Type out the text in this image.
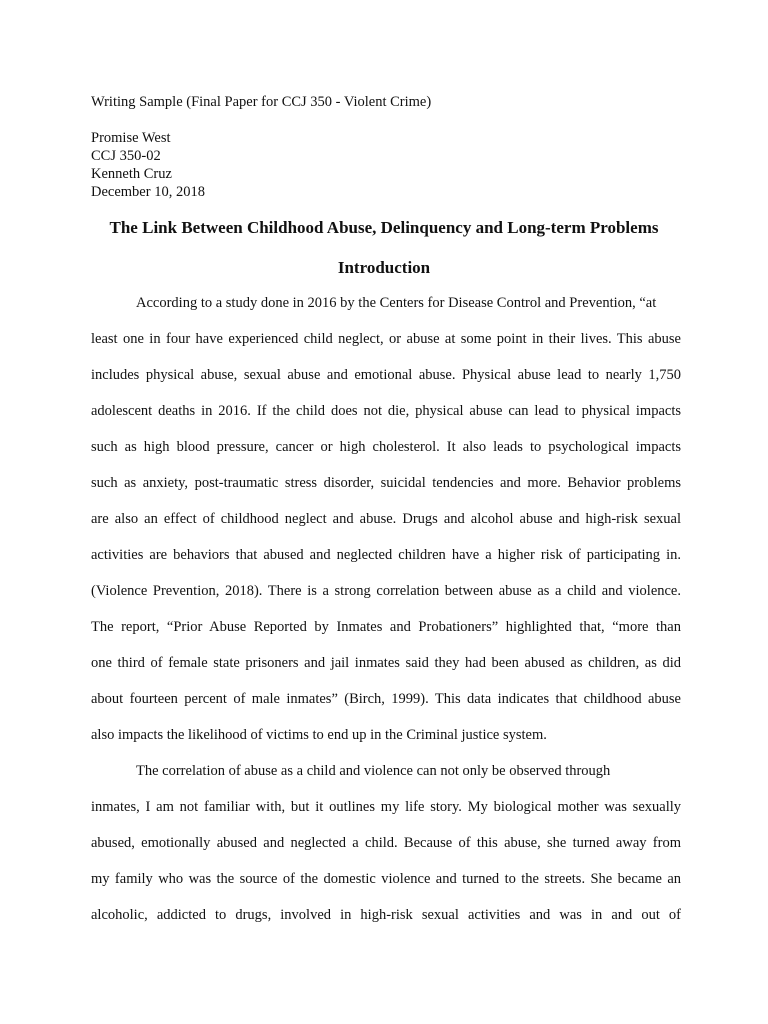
Writing Sample (Final Paper for CCJ 350 - Violent Crime)
Promise West
CCJ 350-02
Kenneth Cruz
December 10, 2018
The Link Between Childhood Abuse, Delinquency and Long-term Problems
Introduction
According to a study done in 2016 by the Centers for Disease Control and Prevention, “at
least one in four have experienced child neglect, or abuse at some point in their lives. This abuse
includes physical abuse, sexual abuse and emotional abuse. Physical abuse lead to nearly 1,750
adolescent deaths in 2016. If the child does not die, physical abuse can lead to physical impacts
such as high blood pressure, cancer or high cholesterol. It also leads to psychological impacts
such as anxiety, post-traumatic stress disorder, suicidal tendencies and more. Behavior problems
are also an effect of childhood neglect and abuse. Drugs and alcohol abuse and high-risk sexual
activities are behaviors that abused and neglected children have a higher risk of participating in.
(Violence Prevention, 2018). There is a strong correlation between abuse as a child and violence.
The report, “Prior Abuse Reported by Inmates and Probationers” highlighted that, “more than
one third of female state prisoners and jail inmates said they had been abused as children, as did
about fourteen percent of male inmates” (Birch, 1999). This data indicates that childhood abuse
also impacts the likelihood of victims to end up in the Criminal justice system.
The correlation of abuse as a child and violence can not only be observed through
inmates, I am not familiar with, but it outlines my life story. My biological mother was sexually
abused, emotionally abused and neglected a child. Because of this abuse, she turned away from
my family who was the source of the domestic violence and turned to the streets. She became an
alcoholic, addicted to drugs, involved in high-risk sexual activities and was in and out of
